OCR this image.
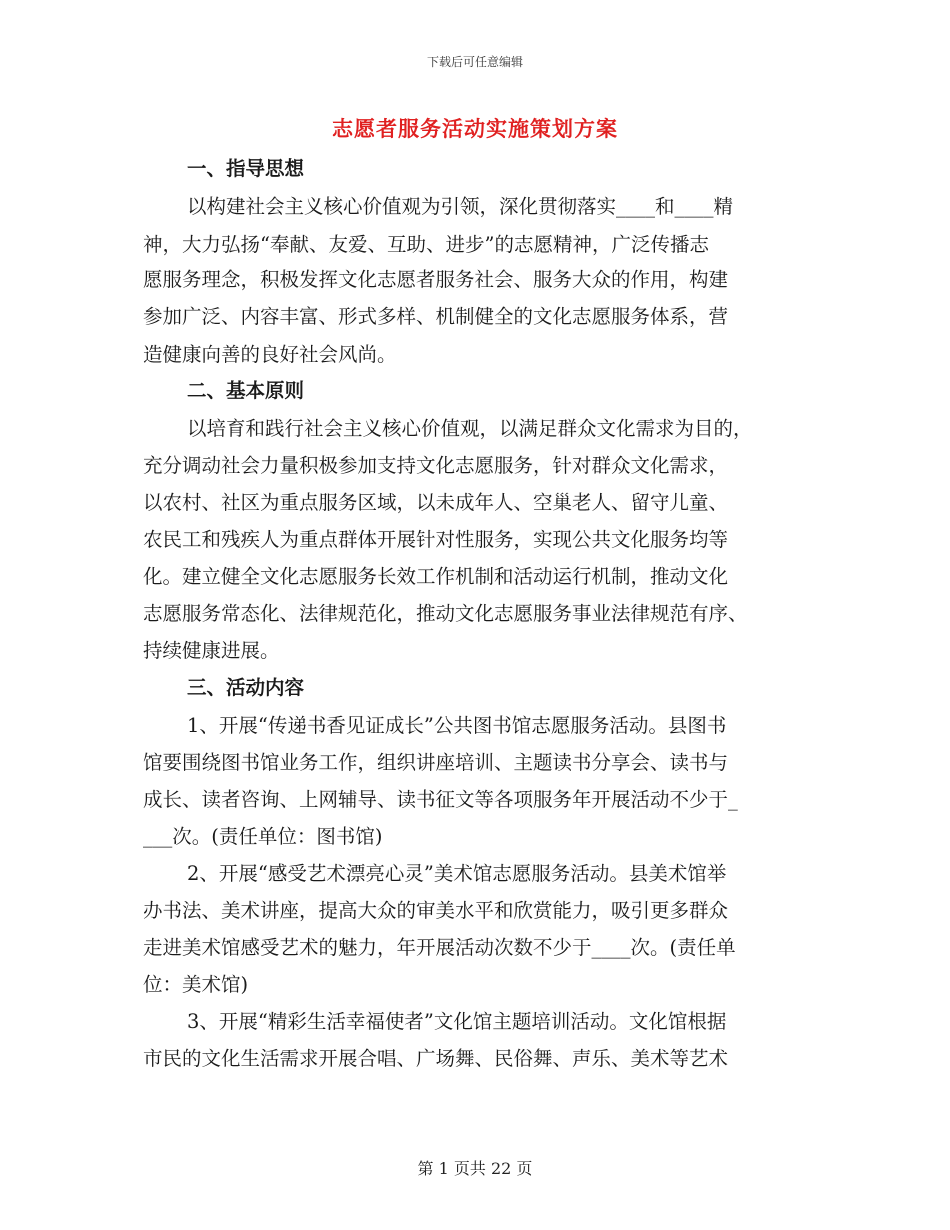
下载后可任意编辑
志愿者服务活动实施策划方案
一、指导思想
以构建社会主义核心价值观为引领，深化贯彻落实____和____精
神，大力弘扬“奉献、友爱、互助、进步”的志愿精神，广泛传播志
愿服务理念，积极发挥文化志愿者服务社会、服务大众的作用，构建
参加广泛、内容丰富、形式多样、机制健全的文化志愿服务体系，营
造健康向善的良好社会风尚。
二、基本原则
以培育和践行社会主义核心价值观，以满足群众文化需求为目的，
充分调动社会力量积极参加支持文化志愿服务，针对群众文化需求，
以农村、社区为重点服务区域，以未成年人、空巢老人、留守儿童、
农民工和残疾人为重点群体开展针对性服务，实现公共文化服务均等
化。建立健全文化志愿服务长效工作机制和活动运行机制，推动文化
志愿服务常态化、法律规范化，推动文化志愿服务事业法律规范有序、
持续健康进展。
三、活动内容
1、开展“传递书香见证成长”公共图书馆志愿服务活动。县图书
馆要围绕图书馆业务工作，组织讲座培训、主题读书分享会、读书与
成长、读者咨询、上网辅导、读书征文等各项服务年开展活动不少于_
___次。(责任单位：图书馆)
2、开展“感受艺术漂亮心灵”美术馆志愿服务活动。县美术馆举
办书法、美术讲座，提高大众的审美水平和欣赏能力，吸引更多群众
走进美术馆感受艺术的魅力，年开展活动次数不少于____次。(责任单
位：美术馆)
3、开展“精彩生活幸福使者”文化馆主题培训活动。文化馆根据
市民的文化生活需求开展合唱、广场舞、民俗舞、声乐、美术等艺术
第 1 页共 22 页
